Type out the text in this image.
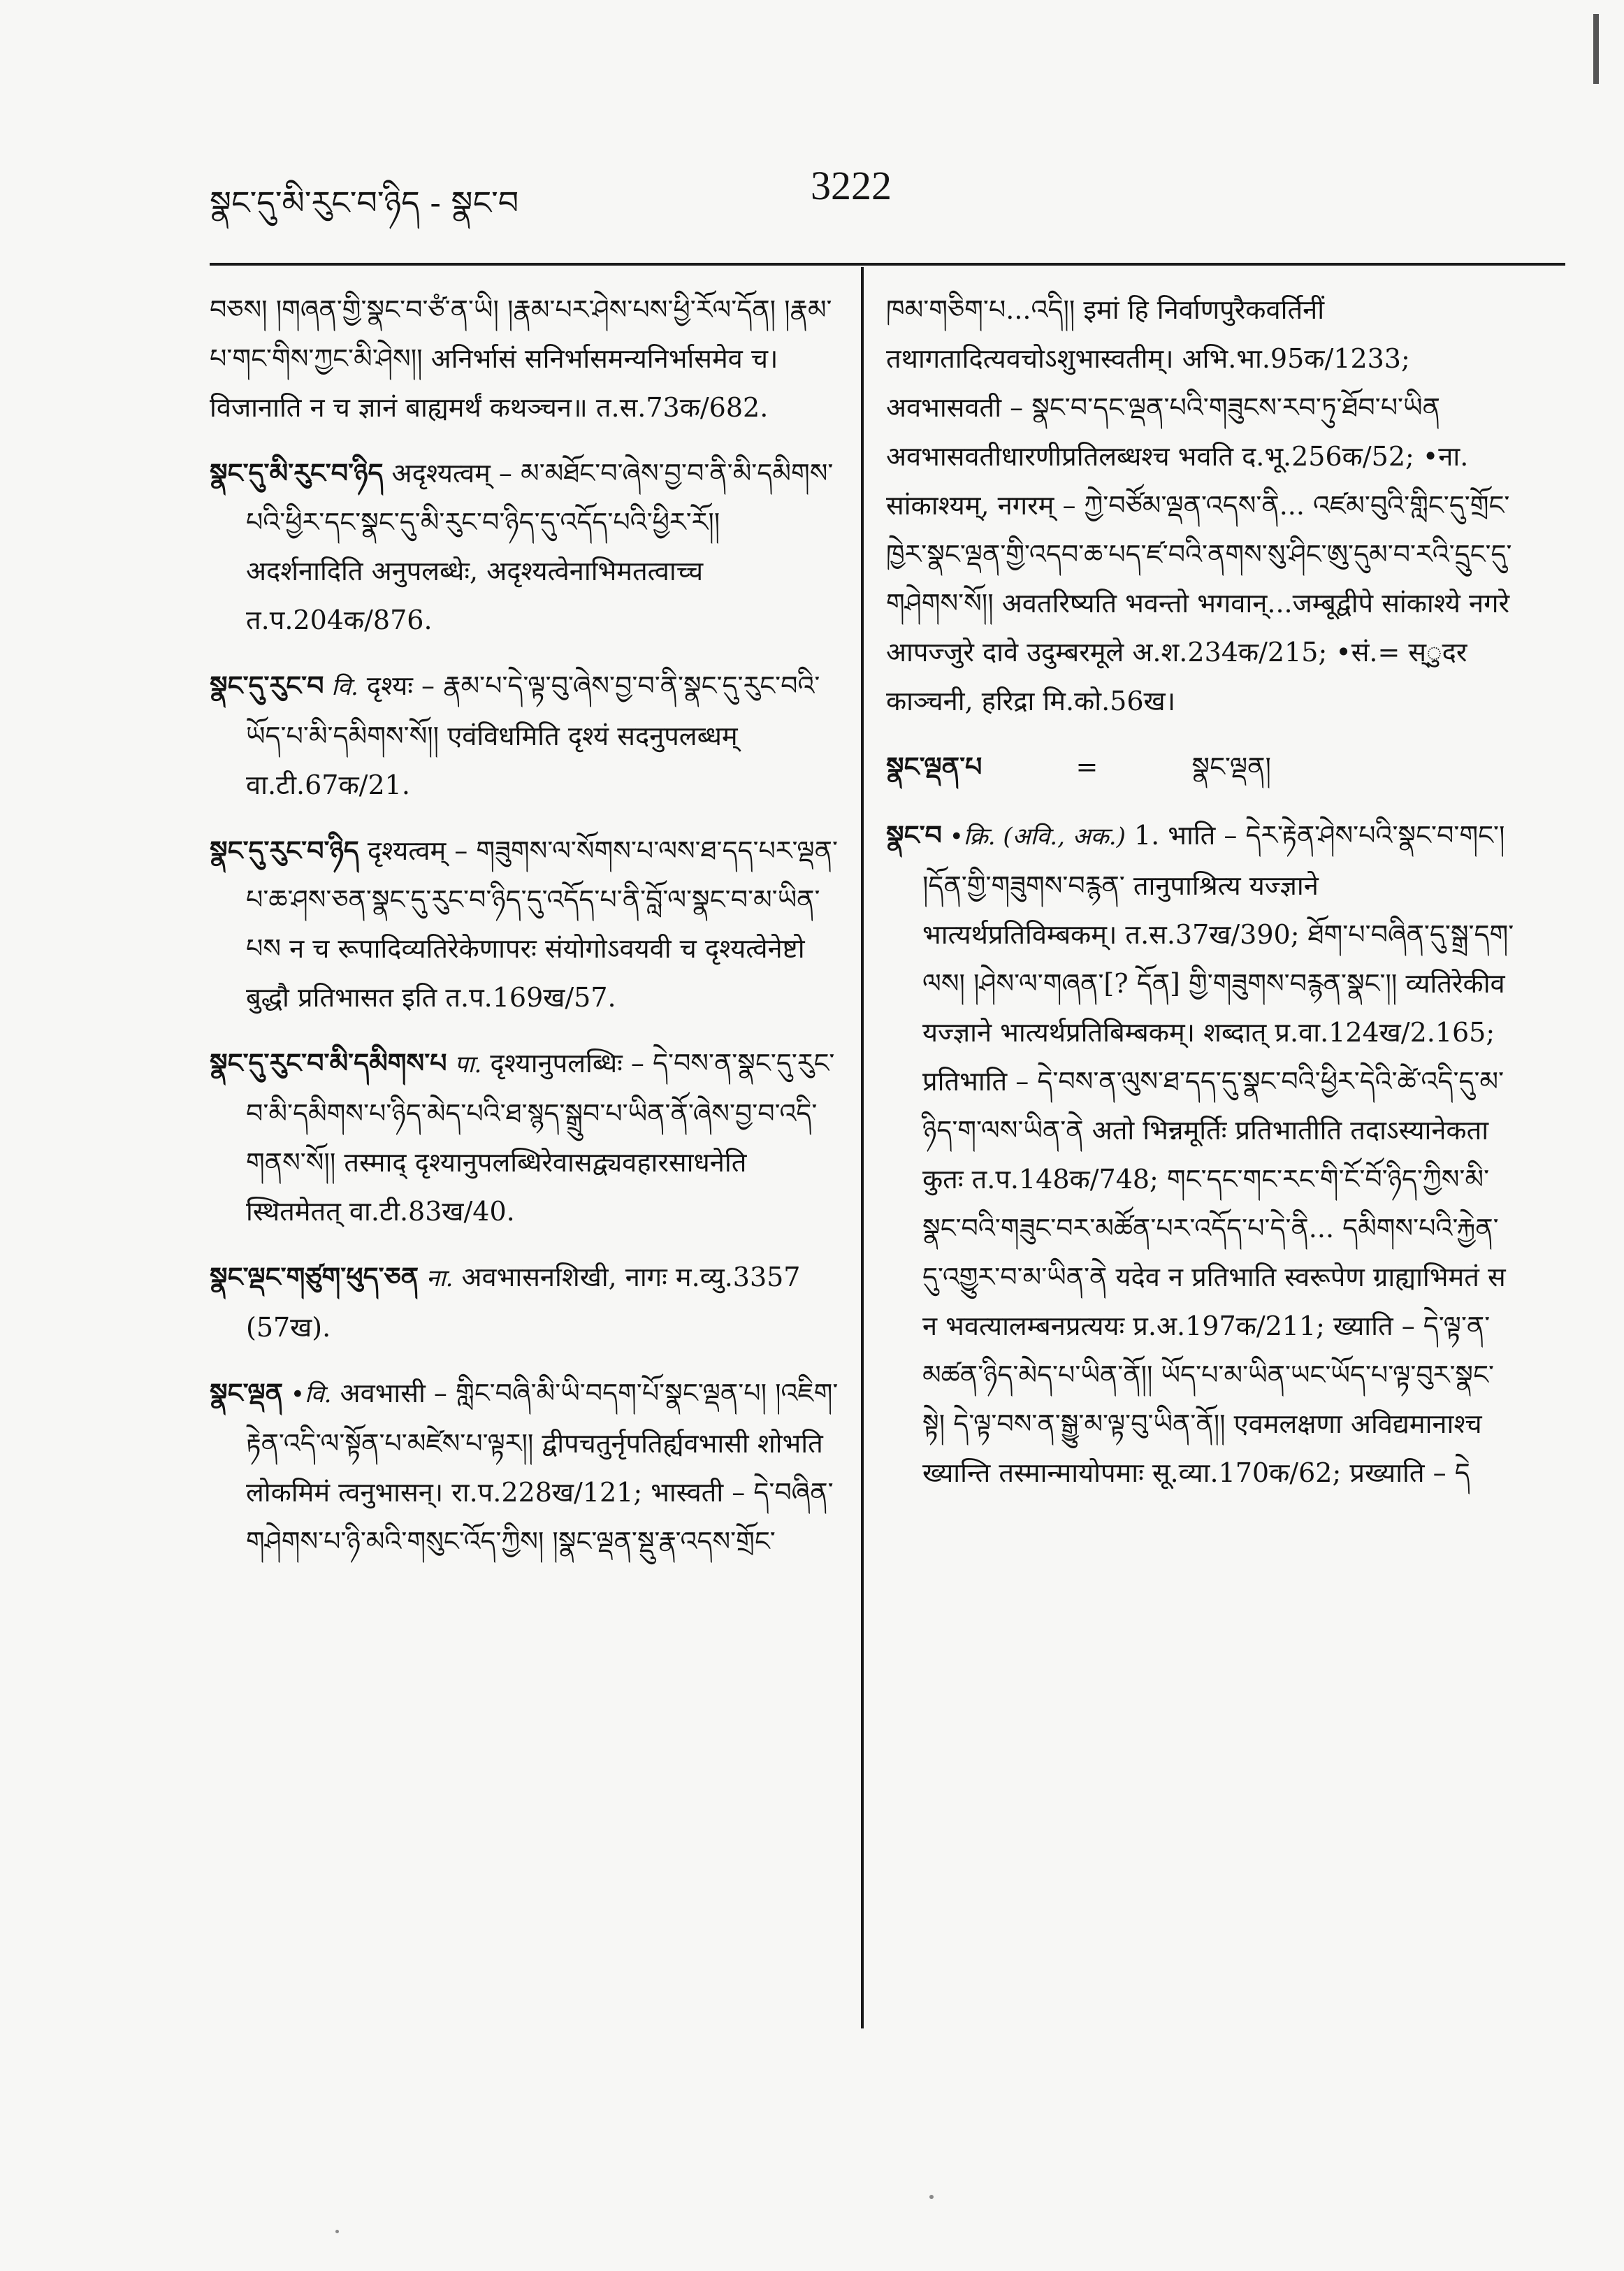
སྣང་དུ་མི་རུང་བ་ཉིད - སྣང་བ	3222

བཅས། །གཞན་གྱི་སྣང་བ་ཙཾ་ན་ཡི། །རྣམ་པར་ཤེས་པས་ཕྱི་རོལ་དོན། །རྣམ་པ་གང་གིས་ཀྱང་མི་ཤེས།། अनिर्भासं सनिर्भासमन्यनिर्भासमेव च। विजानाति न च ज्ञानं बाह्यमर्थं कथञ्चन॥ त.स.73क/682.

སྣང་དུ་མི་རུང་བ་ཉིད अदृश्यत्वम् – མ་མཐོང་བ་ཞེས་བྱ་བ་ནི་མི་དམིགས་པའི་ཕྱིར་དང་སྣང་དུ་མི་རུང་བ་ཉིད་དུ་འདོད་པའི་ཕྱིར་རོ།། अदर्शनादिति अनुपलब्धेः, अदृश्यत्वेनाभिमतत्वाच्च त.प.204क/876.

སྣང་དུ་རུང་བ वि. दृश्यः – རྣམ་པ་དེ་ལྟ་བུ་ཞེས་བྱ་བ་ནི་སྣང་དུ་རུང་བའི་ཡོད་པ་མི་དམིགས་སོ།། एवंविधमिति दृश्यं सदनुपलब्धम् वा.टी.67क/21.

སྣང་དུ་རུང་བ་ཉིད दृश्यत्वम् – གཟུགས་ལ་སོགས་པ་ལས་ཐ་དད་པར་ལྡན་པ་ཆ་ཤས་ཅན་སྣང་དུ་རུང་བ་ཉིད་དུ་འདོད་པ་ནི་བློ་ལ་སྣང་བ་མ་ཡིན་པས न च रूपादिव्यतिरेकेणापरः संयोगोऽवयवी च दृश्यत्वेनेष्टो बुद्धौ प्रतिभासत इति त.प.169ख/57.

སྣང་དུ་རུང་བ་མི་དམིགས་པ पा. दृश्यानुपलब्धिः – དེ་བས་ན་སྣང་དུ་རུང་བ་མི་དམིགས་པ་ཉིད་མེད་པའི་ཐ་སྙད་སྒྲུབ་པ་ཡིན་ནོ་ཞེས་བྱ་བ་འདི་གནས་སོ།། तस्माद् दृश्यानुपलब्धिरेवासद्व्यवहारसाधनेति स्थितमेतत् वा.टी.83ख/40.

སྣང་ལྡང་གཙུག་ཕུད་ཅན ना. अवभासनशिखी, नागः म.व्यु.3357 (57ख).

སྣང་ལྡན •वि. अवभासी – གླིང་བཞི་མི་ཡི་བདག་པོ་སྣང་ལྡན་པ། །འཇིག་རྟེན་འདི་ལ་སྟོན་པ་མཛེས་པ་ལྟར།། द्वीपचतुर्नृपतिर्ह्यवभासी शोभति लोकमिमं त्वनुभासन्। रा.प.228ख/121; भास्वती – དེ་བཞིན་གཤེགས་པ་ཉི་མའི་གསུང་འོད་ཀྱིས། །སྣང་ལྡན་སྡུ་རྣ་འདས་གྲོང་

ཁམ་གཅིག་པ...འདི།། इमां हि निर्वाणपुरैकवर्तिनीं तथागतादित्यवचोऽशुभास्वतीम्। अभि.भा.95क/1233; अवभासवती – སྣང་བ་དང་ལྡན་པའི་གཟུངས་རབ་ཏུ་ཐོབ་པ་ཡིན अवभासवतीधारणीप्रतिलब्धश्च भवति द.भू.256क/52; •ना. सांकाश्यम्, नगरम् – ཀྱེ་བཙོམ་ལྡན་འདས་ནི... འཛམ་བུའི་གླིང་དུ་གྲོང་ཁྱེར་སྣང་ལྡན་གྱི་འདབ་ཆ་པད་ཛ་བའི་ནགས་སུ་ཤིང་ཨུ་དུམ་བ་རའི་དྲུང་དུ་གཤེགས་སོ།། अवतरिष्यति भवन्तो भगवान्...जम्बूद्वीपे सांकाश्ये नगरे आपज्जुरे दावे उदुम्बरमूले अ.श.234क/215; •सं.= स्ुदर काञ्चनी, हरिद्रा मि.को.56ख।

སྣང་ལྡན་པ	=	སྣང་ལྡན།

སྣང་བ •क्रि. (अवि., अक.) 1. भाति – དེར་རྟེན་ཤེས་པའི་སྣང་བ་གང་། །དོན་གྱི་གཟུགས་བརྙན་ तानुपाश्रित्य यज्ज्ञाने भात्यर्थप्रतिविम्बकम्। त.स.37ख/390; ཐོག་པ་བཞིན་དུ་སྒྲ་དག་ལས། །ཤེས་ལ་གཞན་[? དོན] གྱི་གཟུགས་བརྙན་སྣང་།། व्यतिरेकीव यज्ज्ञाने भात्यर्थप्रतिबिम्बकम्। शब्दात् प्र.वा.124ख/2.165; प्रतिभाति – དེ་བས་ན་ལུས་ཐ་དད་དུ་སྣང་བའི་ཕྱིར་དེའི་ཚེ་འདི་དུ་མ་ཉིད་ག་ལས་ཡིན་ནེ अतो भिन्नमूर्तिः प्रतिभातीति तदाऽस्यानेकता कुतः त.प.148क/748; གང་དང་གང་རང་གི་ངོ་བོ་ཉིད་ཀྱིས་མི་སྣང་བའི་གཟུང་བར་མཚོན་པར་འདོད་པ་དེ་ནི... དམིགས་པའི་རྐྱེན་དུ་འགྱུར་བ་མ་ཡིན་ནེ यदेव न प्रतिभाति स्वरूपेण ग्राह्याभिमतं स न भवत्यालम्बनप्रत्ययः प्र.अ.197क/211; ख्याति – དེ་ལྟ་ན་མཚན་ཉིད་མེད་པ་ཡིན་ནོ།། ཡོད་པ་མ་ཡིན་ཡང་ཡོད་པ་ལྟ་བུར་སྣང་སྟེ། དེ་ལྟ་བས་ན་སྒྱུ་མ་ལྟ་བུ་ཡིན་ནོ།། एवमलक्षणा अविद्यमानाश्च ख्यान्ति तस्मान्मायोपमाः सू.व्या.170क/62; प्रख्याति – དེ
